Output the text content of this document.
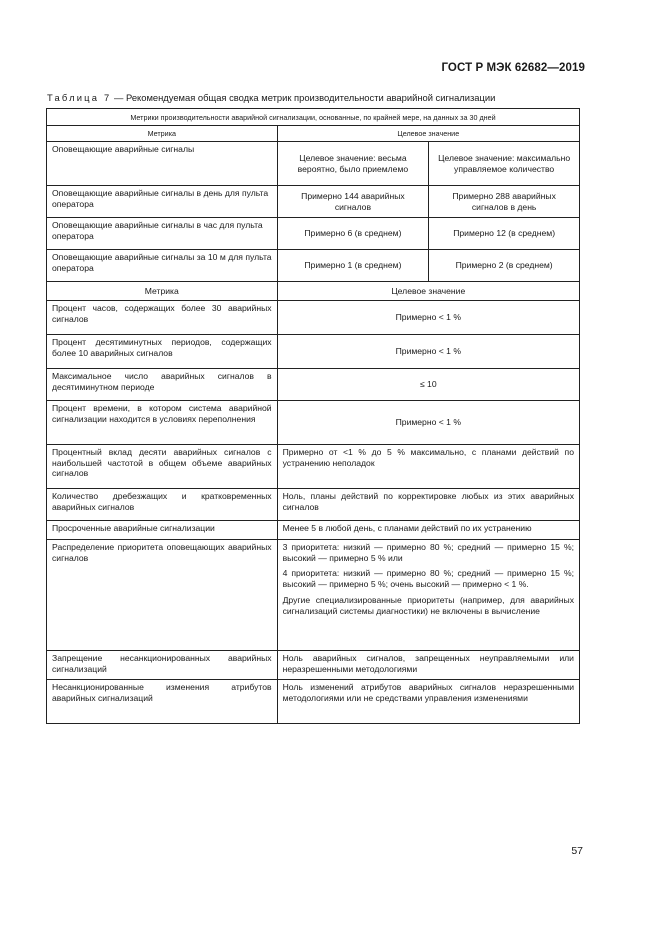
ГОСТ Р МЭК 62682—2019
Таблица 7 — Рекомендуемая общая сводка метрик производительности аварийной сигнализации
Метрики производительности аварийной сигнализации, основанные, по крайней мере, на данных за 30 дней		
Метрика	Целевое значение	
Оповещающие аварийные сигналы	Целевое значение: весьма вероятно, было приемлемо	Целевое значение: максимально управляемое количество
Оповещающие аварийные сигналы в день для пульта оператора	Примерно 144 аварийных сигналов	Примерно 288 аварийных сигналов в день
Оповещающие аварийные сигналы в час для пульта оператора	Примерно 6 (в среднем)	Примерно 12 (в среднем)
Оповещающие аварийные сигналы за 10 м для пульта оператора	Примерно 1 (в среднем)	Примерно 2 (в среднем)
Метрика	Целевое значение	
Процент часов, содержащих более 30 аварийных сигналов	Примерно < 1 %	
Процент десятиминутных периодов, содержащих более 10 аварийных сигналов	Примерно < 1 %	
Максимальное число аварийных сигналов в десятиминутном периоде	≤ 10	
Процент времени, в котором система аварийной сигнализации находится в условиях переполнения	Примерно < 1 %	
Процентный вклад десяти аварийных сигналов с наибольшей частотой в общем объеме аварийных сигналов	Примерно от <1 % до 5 % максимально, с планами действий по устранению неполадок	
Количество дребезжащих и кратковременных аварийных сигналов	Ноль, планы действий по корректировке любых из этих аварийных сигналов	
Просроченные аварийные сигнализации	Менее 5 в любой день, с планами действий по их устранению	
Распределение приоритета оповещающих аварийных сигналов	3 приоритета: низкий — примерно 80 %; средний — примерно 15 %; высокий — примерно 5 % или

4 приоритета: низкий — примерно 80 %; средний — примерно 15 %; высокий — примерно 5 %; очень высокий — примерно < 1 %.

Другие специализированные приоритеты (например, для аварийных сигнализаций системы диагностики) не включены в вычисление	

Запрещение несанкционированных аварийных сигнализаций	Ноль аварийных сигналов, запрещенных неуправляемыми или неразрешенными методологиями	
Несанкционированные изменения атрибутов аварийных сигнализаций	Ноль изменений атрибутов аварийных сигналов неразрешенными методологиями или не средствами управления изменениями	
57
